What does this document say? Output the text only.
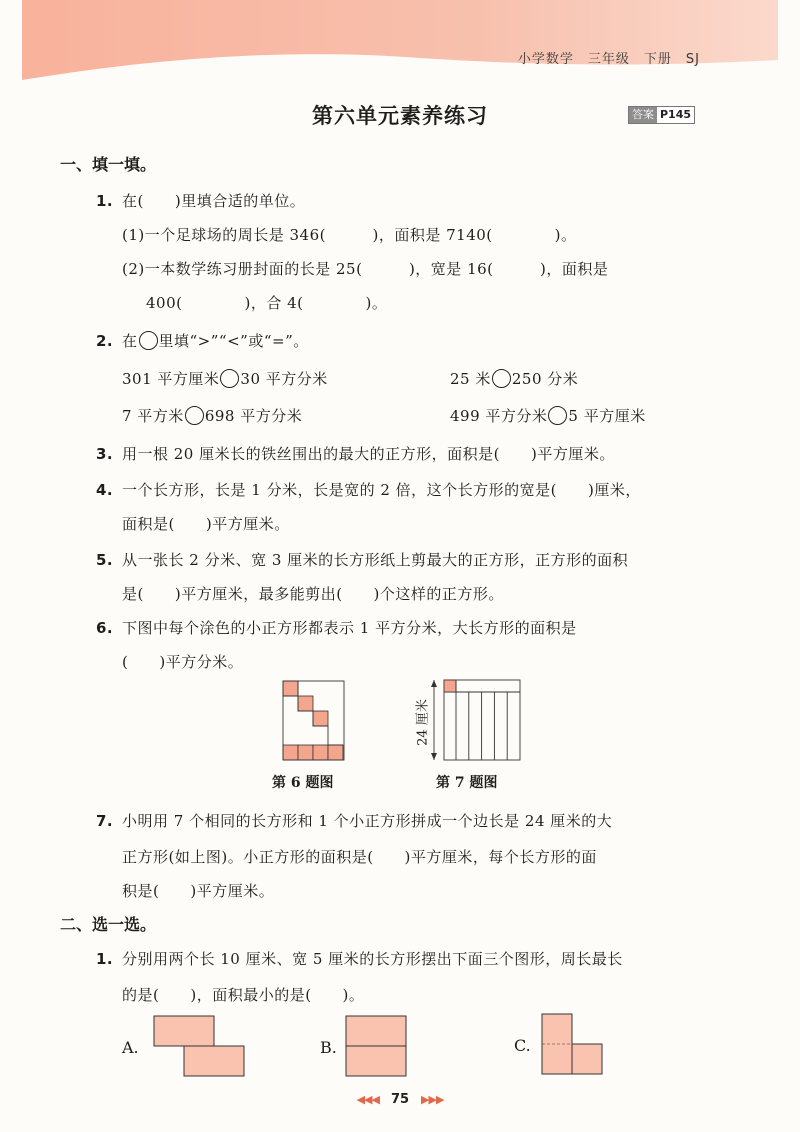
小学数学 三年级 下册 SJ
第六单元素养练习	答案 P145
一、填一填。
1. 在(　　)里填合适的单位。
(1)一个足球场的周长是 346(　　　)，面积是 7140(　　　　)。
(2)一本数学练习册封面的长是 25(　　　)，宽是 16(　　　)，面积是
400(　　　　)，合 4(　　　　)。
2. 在 里填“>”“<”或“=”。
301 平方厘米 30 平方分米	25 米 250 分米
7 平方米 698 平方分米	499 平方分米 5 平方厘米
3. 用一根 20 厘米长的铁丝围出的最大的正方形，面积是(　　)平方厘米。
4. 一个长方形，长是 1 分米，长是宽的 2 倍，这个长方形的宽是(　　)厘米，
面积是(　　)平方厘米。
5. 从一张长 2 分米、宽 3 厘米的长方形纸上剪最大的正方形，正方形的面积
是(　　)平方厘米，最多能剪出(　　)个这样的正方形。
6. 下图中每个涂色的小正方形都表示 1 平方分米，大长方形的面积是
(　　)平方分米。
第 6 题图
24 厘米
第 7 题图
7. 小明用 7 个相同的长方形和 1 个小正方形拼成一个边长是 24 厘米的大
正方形(如上图)。小正方形的面积是(　　)平方厘米，每个长方形的面
积是(　　)平方厘米。
二、选一选。
1. 分别用两个长 10 厘米、宽 5 厘米的长方形摆出下面三个图形，周长最长
的是(　　)，面积最小的是(　　)。
A.	B.	C.
◀◀◀ 75 ▶▶▶
